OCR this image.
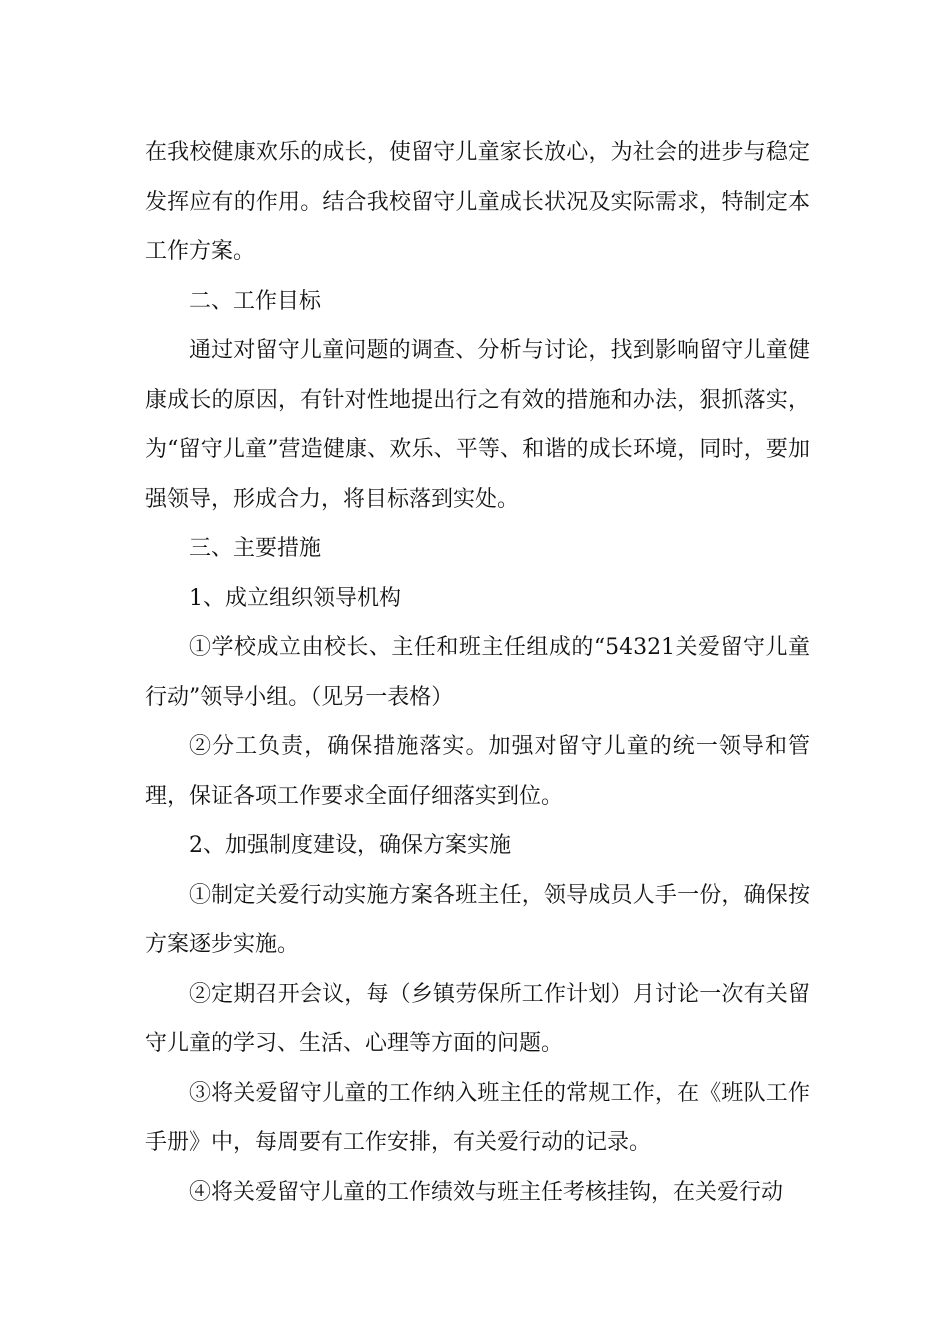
在我校健康欢乐的成长，使留守儿童家长放心，为社会的进步与稳定发挥应有的作用。结合我校留守儿童成长状况及实际需求，特制定本工作方案。

二、工作目标

通过对留守儿童问题的调查、分析与讨论，找到影响留守儿童健康成长的原因，有针对性地提出行之有效的措施和办法，狠抓落实，为“留守儿童”营造健康、欢乐、平等、和谐的成长环境，同时，要加强领导，形成合力，将目标落到实处。

三、主要措施

1、成立组织领导机构

①学校成立由校长、主任和班主任组成的“54321关爱留守儿童行动”领导小组。（见另一表格）

②分工负责，确保措施落实。加强对留守儿童的统一领导和管理，保证各项工作要求全面仔细落实到位。

2、加强制度建设，确保方案实施

①制定关爱行动实施方案各班主任，领导成员人手一份，确保按方案逐步实施。

②定期召开会议，每（乡镇劳保所工作计划）月讨论一次有关留守儿童的学习、生活、心理等方面的问题。

③将关爱留守儿童的工作纳入班主任的常规工作，在《班队工作手册》中，每周要有工作安排，有关爱行动的记录。

④将关爱留守儿童的工作绩效与班主任考核挂钩，在关爱行动
